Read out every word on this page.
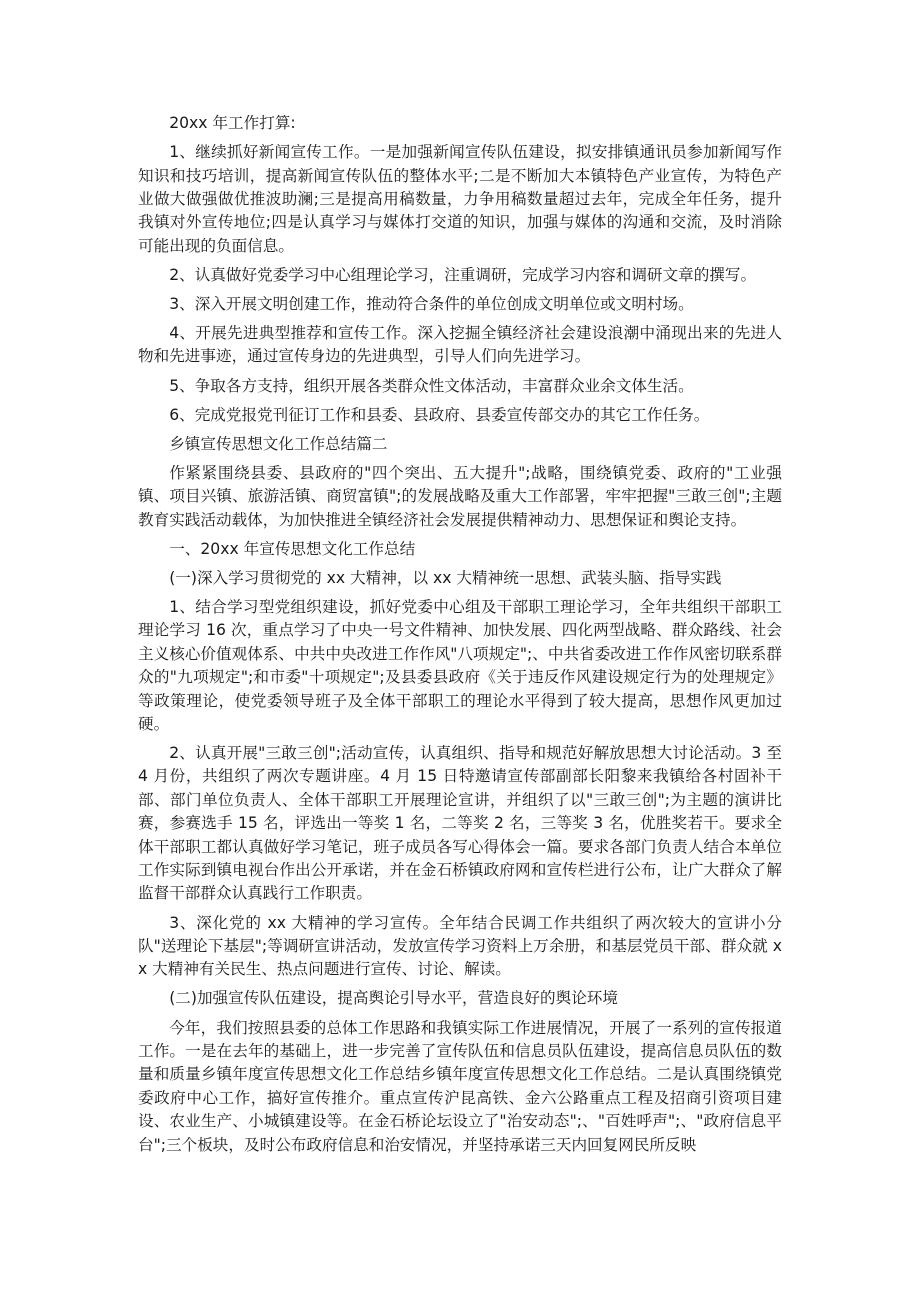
20xx 年工作打算:

1、继续抓好新闻宣传工作。一是加强新闻宣传队伍建设，拟安排镇通讯员参加新闻写作知识和技巧培训，提高新闻宣传队伍的整体水平;二是不断加大本镇特色产业宣传，为特色产业做大做强做优推波助澜;三是提高用稿数量，力争用稿数量超过去年，完成全年任务，提升我镇对外宣传地位;四是认真学习与媒体打交道的知识，加强与媒体的沟通和交流，及时消除可能出现的负面信息。

2、认真做好党委学习中心组理论学习，注重调研，完成学习内容和调研文章的撰写。

3、深入开展文明创建工作，推动符合条件的单位创成文明单位或文明村场。

4、开展先进典型推荐和宣传工作。深入挖掘全镇经济社会建设浪潮中涌现出来的先进人物和先进事迹，通过宣传身边的先进典型，引导人们向先进学习。

5、争取各方支持，组织开展各类群众性文体活动，丰富群众业余文体生活。

6、完成党报党刊征订工作和县委、县政府、县委宣传部交办的其它工作任务。

乡镇宣传思想文化工作总结篇二

作紧紧围绕县委、县政府的"四个突出、五大提升";战略，围绕镇党委、政府的"工业强镇、项目兴镇、旅游活镇、商贸富镇";的发展战略及重大工作部署，牢牢把握"三敢三创";主题教育实践活动载体，为加快推进全镇经济社会发展提供精神动力、思想保证和舆论支持。

一、20xx 年宣传思想文化工作总结

(一)深入学习贯彻党的 xx 大精神，以 xx 大精神统一思想、武装头脑、指导实践

1、结合学习型党组织建设，抓好党委中心组及干部职工理论学习，全年共组织干部职工理论学习 16 次，重点学习了中央一号文件精神、加快发展、四化两型战略、群众路线、社会主义核心价值观体系、中共中央改进工作作风"八项规定";、中共省委改进工作作风密切联系群众的"九项规定";和市委"十项规定";及县委县政府《关于违反作风建设规定行为的处理规定》等政策理论，使党委领导班子及全体干部职工的理论水平得到了较大提高，思想作风更加过硬。

2、认真开展"三敢三创";活动宣传，认真组织、指导和规范好解放思想大讨论活动。3 至 4 月份，共组织了两次专题讲座。4 月 15 日特邀请宣传部副部长阳黎来我镇给各村固补干部、部门单位负责人、全体干部职工开展理论宣讲，并组织了以"三敢三创";为主题的演讲比赛，参赛选手 15 名，评选出一等奖 1 名，二等奖 2 名，三等奖 3 名，优胜奖若干。要求全体干部职工都认真做好学习笔记，班子成员各写心得体会一篇。要求各部门负责人结合本单位工作实际到镇电视台作出公开承诺，并在金石桥镇政府网和宣传栏进行公布，让广大群众了解监督干部群众认真践行工作职责。

3、深化党的 xx 大精神的学习宣传。全年结合民调工作共组织了两次较大的宣讲小分队"送理论下基层";等调研宣讲活动，发放宣传学习资料上万余册，和基层党员干部、群众就 xx 大精神有关民生、热点问题进行宣传、讨论、解读。

(二)加强宣传队伍建设，提高舆论引导水平，营造良好的舆论环境

今年，我们按照县委的总体工作思路和我镇实际工作进展情况，开展了一系列的宣传报道工作。一是在去年的基础上，进一步完善了宣传队伍和信息员队伍建设，提高信息员队伍的数量和质量乡镇年度宣传思想文化工作总结乡镇年度宣传思想文化工作总结。二是认真围绕镇党委政府中心工作，搞好宣传推介。重点宣传沪昆高铁、金六公路重点工程及招商引资项目建设、农业生产、小城镇建设等。在金石桥论坛设立了"治安动态";、"百姓呼声";、"政府信息平台";三个板块，及时公布政府信息和治安情况，并坚持承诺三天内回复网民所反映
